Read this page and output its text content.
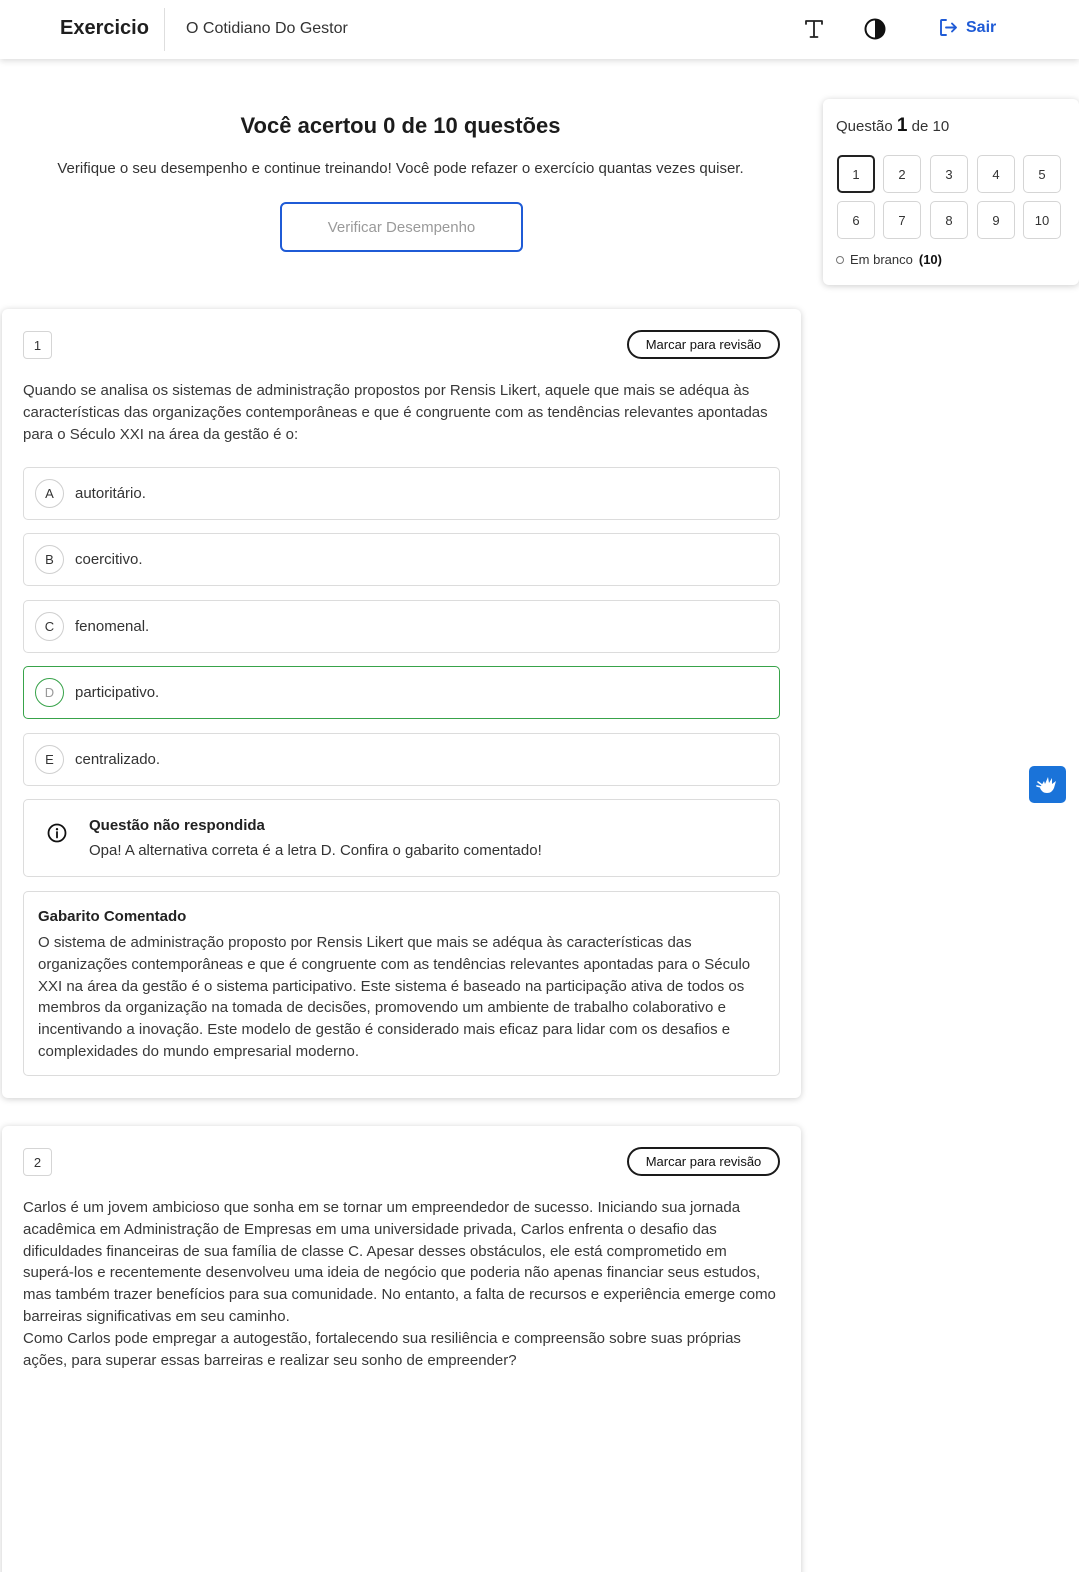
Exercicio O Cotidiano Do Gestor	Sair
Você acertou 0 de 10 questões
Verifique o seu desempenho e continue treinando! Você pode refazer o exercício quantas vezes quiser.
Verificar Desempenho
Questão 1 de 10
1	2	3	4	5
6	7	8	9	10
Em branco (10)
1	Marcar para revisão
Quando se analisa os sistemas de administração propostos por Rensis Likert, aquele que mais se adéqua às características das organizações contemporâneas e que é congruente com as tendências relevantes apontadas para o Século XXI na área da gestão é o:
A	autoritário.
B	coercitivo.
C	fenomenal.
D	participativo.
E	centralizado.
Questão não respondida
Opa! A alternativa correta é a letra D. Confira o gabarito comentado!
Gabarito Comentado
O sistema de administração proposto por Rensis Likert que mais se adéqua às características das organizações contemporâneas e que é congruente com as tendências relevantes apontadas para o Século XXI na área da gestão é o sistema participativo. Este sistema é baseado na participação ativa de todos os membros da organização na tomada de decisões, promovendo um ambiente de trabalho colaborativo e incentivando a inovação. Este modelo de gestão é considerado mais eficaz para lidar com os desafios e complexidades do mundo empresarial moderno.
2	Marcar para revisão
Carlos é um jovem ambicioso que sonha em se tornar um empreendedor de sucesso. Iniciando sua jornada acadêmica em Administração de Empresas em uma universidade privada, Carlos enfrenta o desafio das dificuldades financeiras de sua família de classe C. Apesar desses obstáculos, ele está comprometido em superá-los e recentemente desenvolveu uma ideia de negócio que poderia não apenas financiar seus estudos, mas também trazer benefícios para sua comunidade. No entanto, a falta de recursos e experiência emerge como barreiras significativas em seu caminho.
Como Carlos pode empregar a autogestão, fortalecendo sua resiliência e compreensão sobre suas próprias ações, para superar essas barreiras e realizar seu sonho de empreender?
